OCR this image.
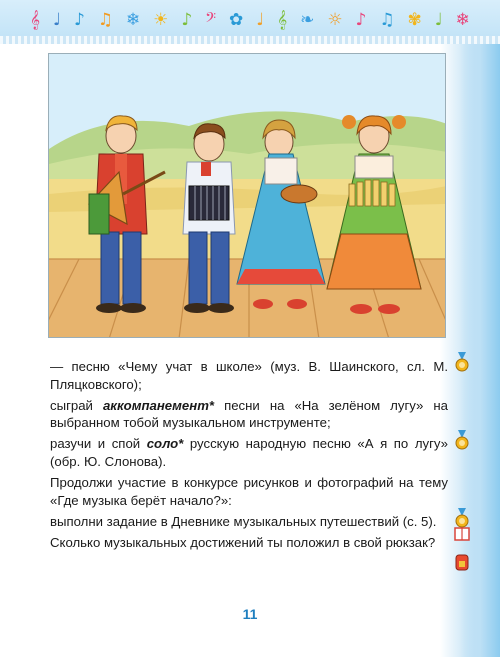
𝄞 ♩ ♪ ♫ ❄ ☀ ♪ 𝄢 ✿ ♩ 𝄞 ❧ ☼ ♪ ♫ ✾ ♩ ❄

— песню «Чему учат в школе» (муз. В. Шаинского, сл. М. Пляцковского);

сыграй аккомпанемент* песни на «На зелёном лугу» на выбранном тобой музыкальном инструменте;

разучи и спой соло* русскую народную песню «А я по лугу» (обр. Ю. Слонова).

Продолжи участие в конкурсе рисунков и фотографий на тему «Где музыка берёт начало?»:

выполни задание в Дневнике музыкальных путешествий (с. 5).

Сколько музыкальных достижений ты положил в свой рюкзак?

11
